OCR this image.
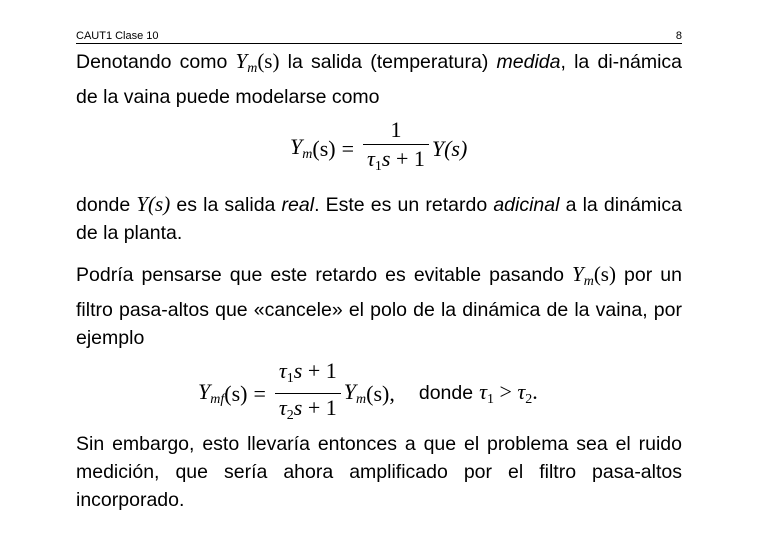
CAUT1 Clase 10	8
Denotando como $Y_m(s)$ la salida (temperatura) medida, la di-námica de la vaina puede modelarse como
$Y_m$ $(s) = \frac{1}{\tau_1s + 1} Y(s)$
donde Y(s) es la salida real. Este es un retardo adicinal a la dinámica de la planta.
Podría pensarse que este retardo es evitable pasando $Y_m(s)$ por un filtro pasa-altos que «cancele» el polo de la dinámica de la vaina, por ejemplo
$Y_{mf}$ $(s) = \frac{\tau_1s + 1}{\tau_2s + 1} Y_m$ (s) , donde $\tau_1 > \tau_2$.
Sin embargo, esto llevaría entonces a que el problema sea el ruido medición, que sería ahora amplificado por el filtro pasa-altos incorporado.
